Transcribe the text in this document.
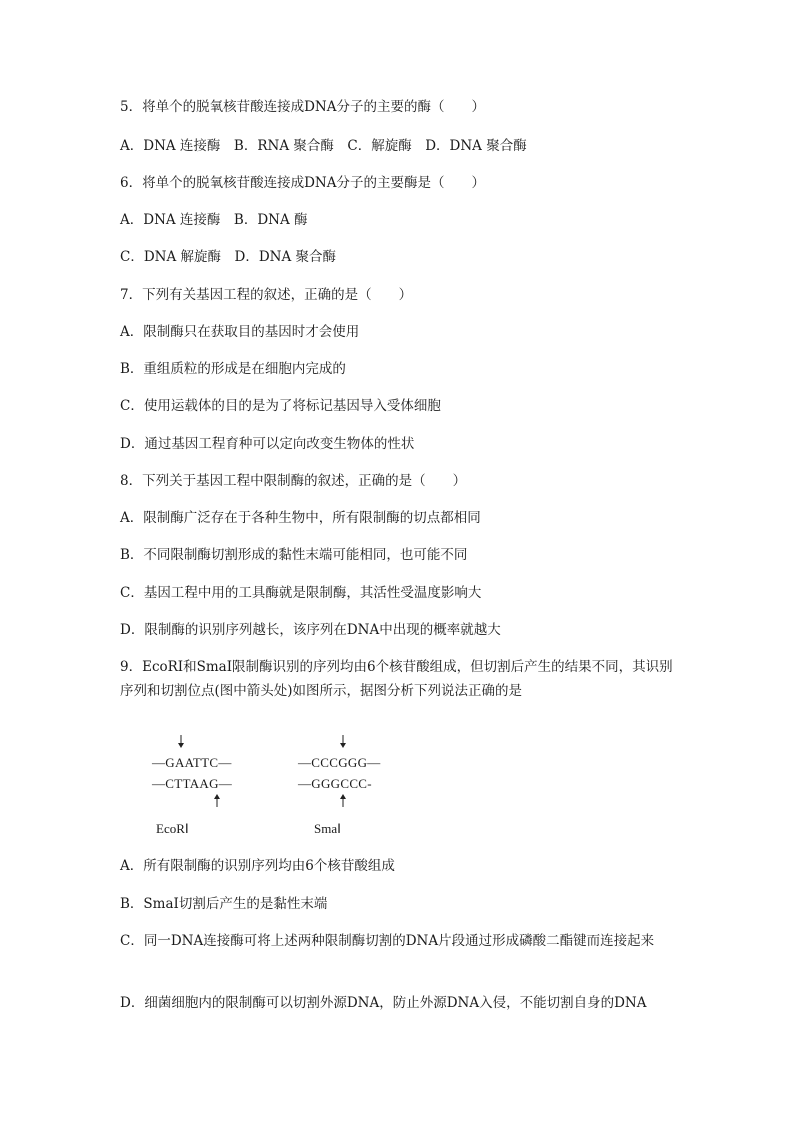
5．将单个的脱氧核苷酸连接成DNA分子的主要的酶（　　）
A．DNA 连接酶　B．RNA 聚合酶　C．解旋酶　D．DNA 聚合酶
6．将单个的脱氧核苷酸连接成DNA分子的主要酶是（　　）
A．DNA 连接酶　B．DNA 酶
C．DNA 解旋酶　D．DNA 聚合酶
7．下列有关基因工程的叙述，正确的是（　　）
A．限制酶只在获取目的基因时才会使用
B．重组质粒的形成是在细胞内完成的
C．使用运载体的目的是为了将标记基因导入受体细胞
D．通过基因工程育种可以定向改变生物体的性状
8．下列关于基因工程中限制酶的叙述，正确的是（　　）
A．限制酶广泛存在于各种生物中，所有限制酶的切点都相同
B．不同限制酶切割形成的黏性末端可能相同，也可能不同
C．基因工程中用的工具酶就是限制酶，其活性受温度影响大
D．限制酶的识别序列越长，该序列在DNA中出现的概率就越大
9．EcoRⅠ和SmaⅠ限制酶识别的序列均由6个核苷酸组成，但切割后产生的结果不同，其识别序列和切割位点(图中箭头处)如图所示，据图分析下列说法正确的是
—GAATTC—
—CTTAAG—
EcoRⅠ
—CCCGGG—
—GGGCCC-
SmaⅠ
A．所有限制酶的识别序列均由6个核苷酸组成
B．SmaⅠ切割后产生的是黏性末端
C．同一DNA连接酶可将上述两种限制酶切割的DNA片段通过形成磷酸二酯键而连接起来
D．细菌细胞内的限制酶可以切割外源DNA，防止外源DNA入侵，不能切割自身的DNA
